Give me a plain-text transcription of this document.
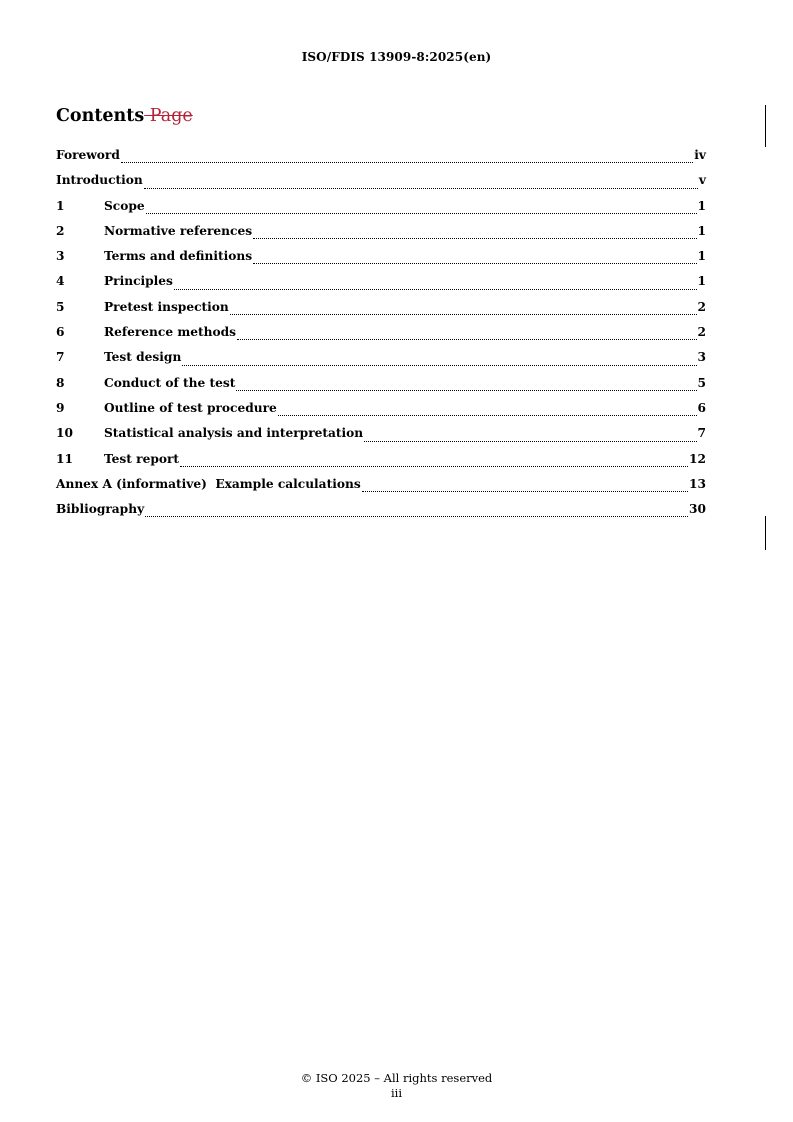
ISO/FDIS 13909-8:2025(en)
Contents Page
Foreword	iv
Introduction	v
1	Scope	1
2	Normative references	1
3	Terms and definitions	1
4	Principles	1
5	Pretest inspection	2
6	Reference methods	2
7	Test design	3
8	Conduct of the test	5
9	Outline of test procedure	6
10	Statistical analysis and interpretation	7
11	Test report	12
Annex A (informative)  Example calculations	13
Bibliography	30
© ISO 2025 – All rights reserved
iii
